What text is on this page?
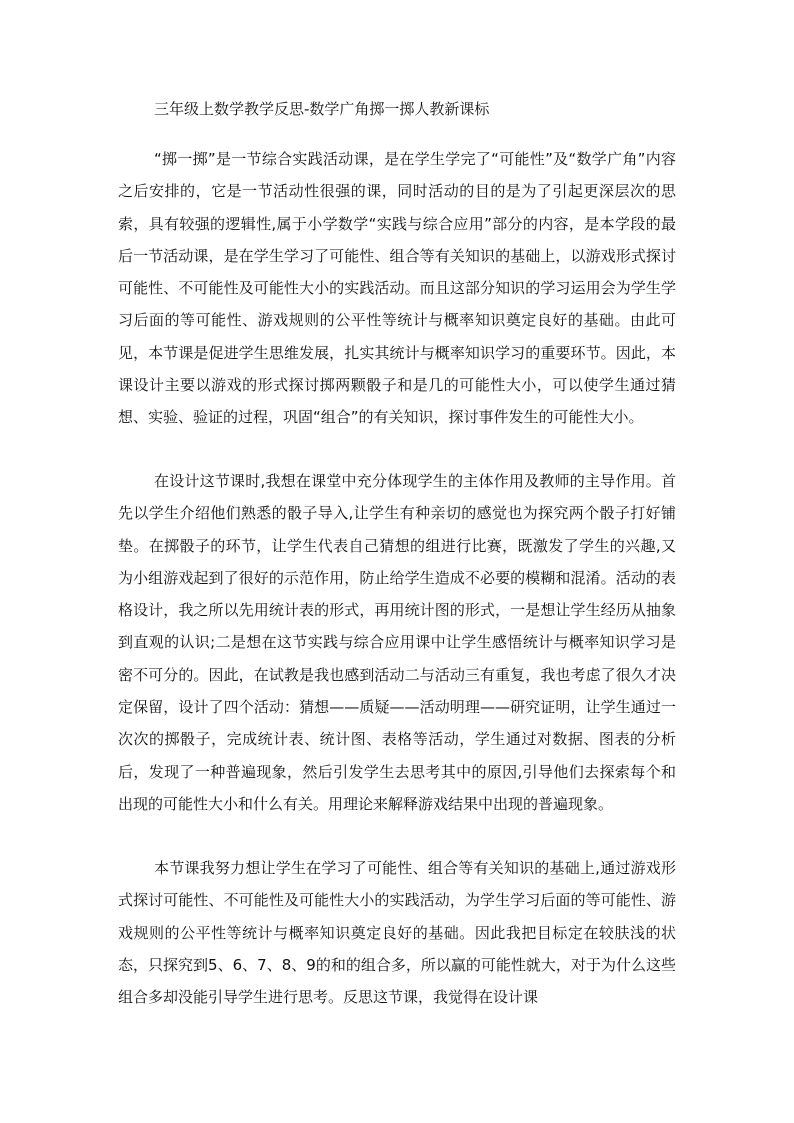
三年级上数学教学反思-数学广角掷一掷人教新课标

“掷一掷”是一节综合实践活动课，是在学生学完了“可能性”及“数学广角”内容之后安排的，它是一节活动性很强的课，同时活动的目的是为了引起更深层次的思索，具有较强的逻辑性,属于小学数学“实践与综合应用”部分的内容，是本学段的最后一节活动课，是在学生学习了可能性、组合等有关知识的基础上，以游戏形式探讨可能性、不可能性及可能性大小的实践活动。而且这部分知识的学习运用会为学生学习后面的等可能性、游戏规则的公平性等统计与概率知识奠定良好的基础。由此可见，本节课是促进学生思维发展，扎实其统计与概率知识学习的重要环节。因此，本课设计主要以游戏的形式探讨掷两颗骰子和是几的可能性大小，可以使学生通过猜想、实验、验证的过程，巩固“组合”的有关知识，探讨事件发生的可能性大小。

在设计这节课时,我想在课堂中充分体现学生的主体作用及教师的主导作用。首先以学生介绍他们熟悉的骰子导入,让学生有种亲切的感觉也为探究两个骰子打好铺垫。在掷骰子的环节，让学生代表自己猜想的组进行比赛，既激发了学生的兴趣,又为小组游戏起到了很好的示范作用，防止给学生造成不必要的模糊和混淆。活动的表格设计，我之所以先用统计表的形式，再用统计图的形式，一是想让学生经历从抽象到直观的认识;二是想在这节实践与综合应用课中让学生感悟统计与概率知识学习是密不可分的。因此，在试教是我也感到活动二与活动三有重复，我也考虑了很久才决定保留，设计了四个活动：猜想——质疑——活动明理——研究证明，让学生通过一次次的掷骰子，完成统计表、统计图、表格等活动，学生通过对数据、图表的分析后，发现了一种普遍现象，然后引发学生去思考其中的原因,引导他们去探索每个和出现的可能性大小和什么有关。用理论来解释游戏结果中出现的普遍现象。

本节课我努力想让学生在学习了可能性、组合等有关知识的基础上,通过游戏形式探讨可能性、不可能性及可能性大小的实践活动，为学生学习后面的等可能性、游戏规则的公平性等统计与概率知识奠定良好的基础。因此我把目标定在较肤浅的状态，只探究到5、6、7、8、9的和的组合多，所以赢的可能性就大，对于为什么这些组合多却没能引导学生进行思考。反思这节课，我觉得在设计课
